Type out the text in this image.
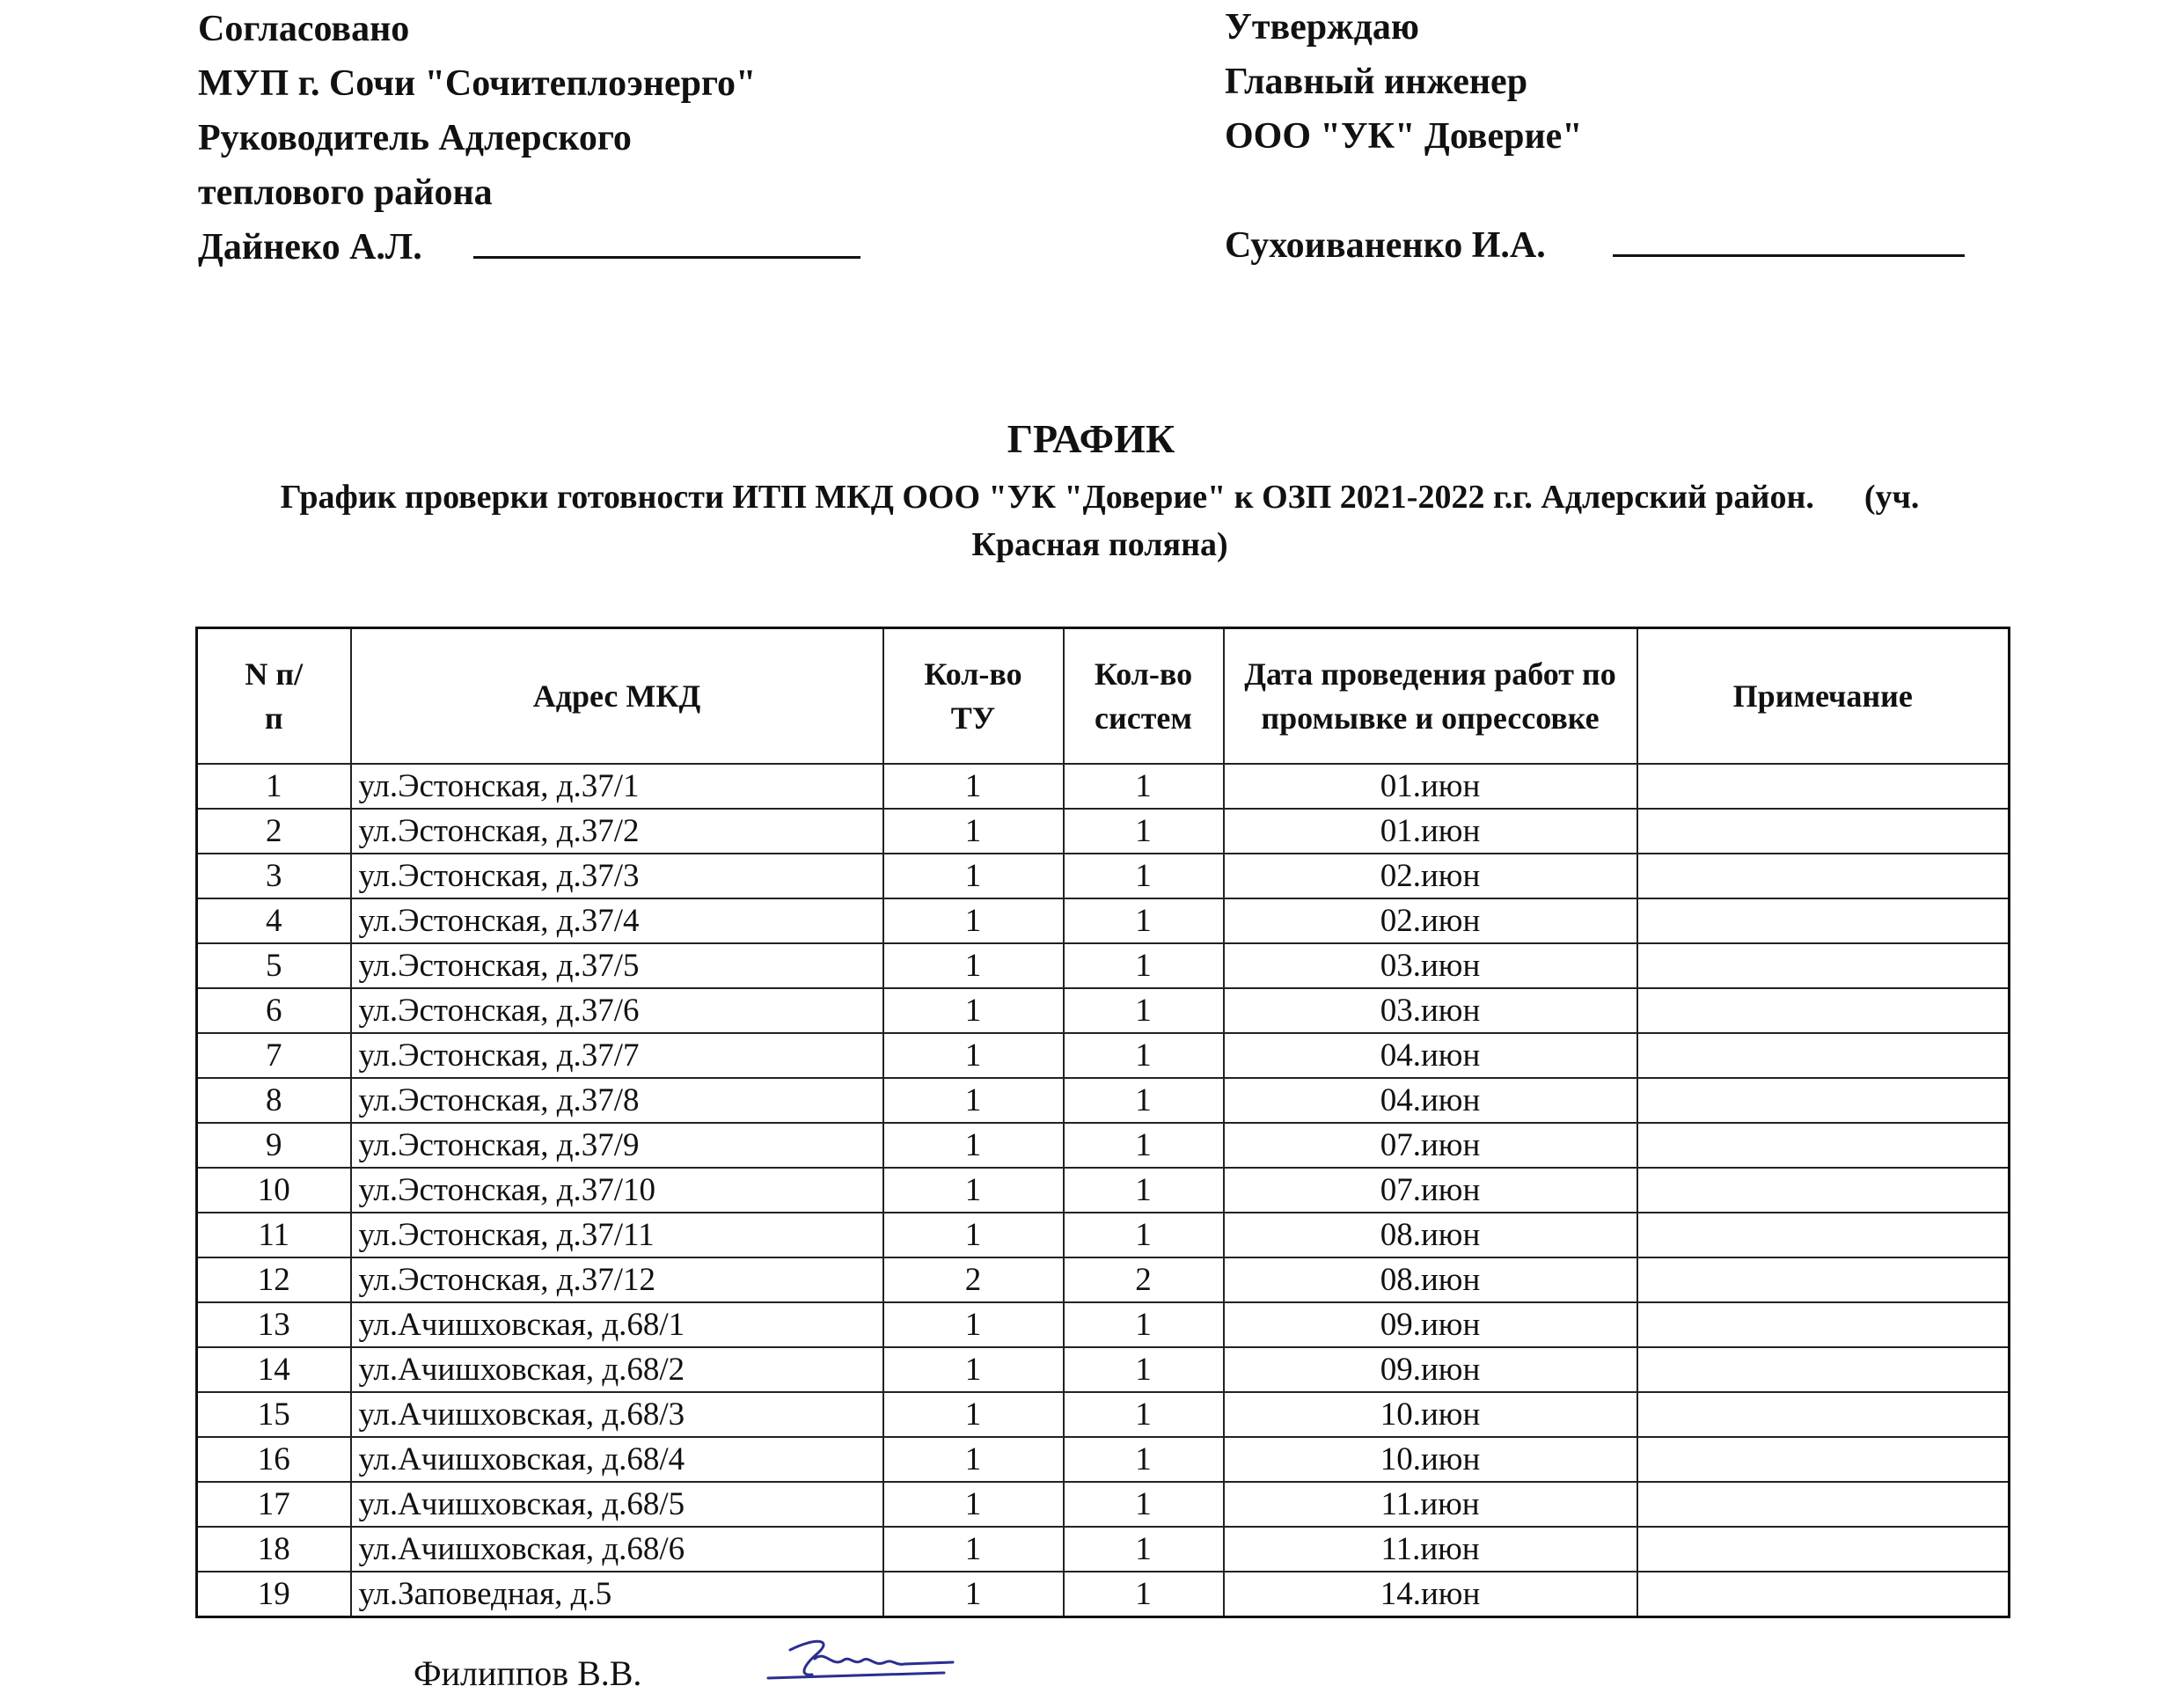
Согласовано
МУП г. Сочи "Сочитеплоэнерго"
Руководитель Адлерского
теплового района
Дайнеко А.Л.
Утверждаю
Главный инженер
ООО "УК" Доверие"
Сухоиваненко И.А.
ГРАФИК
График проверки готовности ИТП МКД ООО "УК "Доверие" к ОЗП 2021-2022 г.г. Адлерский район.      (уч.
Красная поляна)
N п/п	Адрес МКД	Кол-во ТУ	Кол-во систем	Дата проведения работ по промывке и опрессовке	Примечание
1	ул.Эстонская, д.37/1	1	1	01.июн	
2	ул.Эстонская, д.37/2	1	1	01.июн	
3	ул.Эстонская, д.37/3	1	1	02.июн	
4	ул.Эстонская, д.37/4	1	1	02.июн	
5	ул.Эстонская, д.37/5	1	1	03.июн	
6	ул.Эстонская, д.37/6	1	1	03.июн	
7	ул.Эстонская, д.37/7	1	1	04.июн	
8	ул.Эстонская, д.37/8	1	1	04.июн	
9	ул.Эстонская, д.37/9	1	1	07.июн	
10	ул.Эстонская, д.37/10	1	1	07.июн	
11	ул.Эстонская, д.37/11	1	1	08.июн	
12	ул.Эстонская, д.37/12	2	2	08.июн	
13	ул.Ачишховская, д.68/1	1	1	09.июн	
14	ул.Ачишховская, д.68/2	1	1	09.июн	
15	ул.Ачишховская, д.68/3	1	1	10.июн	
16	ул.Ачишховская, д.68/4	1	1	10.июн	
17	ул.Ачишховская, д.68/5	1	1	11.июн	
18	ул.Ачишховская, д.68/6	1	1	11.июн	
19	ул.Заповедная, д.5	1	1	14.июн	
Филиппов В.В.
